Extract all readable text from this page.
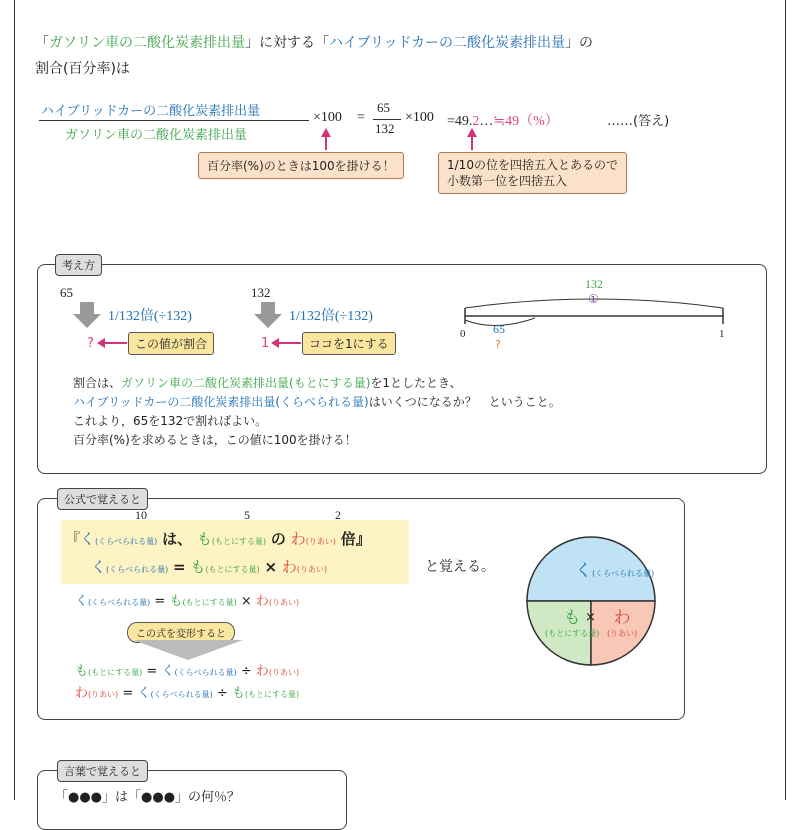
「ガソリン車の二酸化炭素排出量」に対する「ハイブリッドカーの二酸化炭素排出量」の
割合(百分率)は
ハイブリッドカーの二酸化炭素排出量
ガソリン車の二酸化炭素排出量
×100 =
65
132
×100 =49.2…≒49（%）	……(答え)
百分率(%)のときは100を掛ける！	1/10の位を四捨五入とあるので
小数第一位を四捨五入
考え方
65
1/132倍(÷132)
?	この値が割合
132
1/132倍(÷132)
1	ココを1にする
132
①
0	1
65
?
割合は、ガソリン車の二酸化炭素排出量(もとにする量)を1としたとき、
ハイブリッドカーの二酸化炭素排出量(くらべられる量)はいくつになるか？　ということ。
これより，65を132で割ればよい。
百分率(%)を求めるときは，この値に100を掛ける！
公式で覚えると
10	5	2
『く(くらべられる量) は、 も(もとにする量) の わ(りあい) 倍』
く(くらべられる量) = も(もとにする量) × わ(りあい)	と覚える。
く(くらべられる量) = も(もとにする量) × わ(りあい)
この式を変形すると
も(もとにする量) = く(くらべられる量) ÷ わ(りあい)
わ(りあい) = く(くらべられる量) ÷ も(もとにする量)
く(くらべられる量)
も
(もとにする量)
×	わ
(りあい)
言葉で覚えると
「●●●」は「●●●」の何％？
